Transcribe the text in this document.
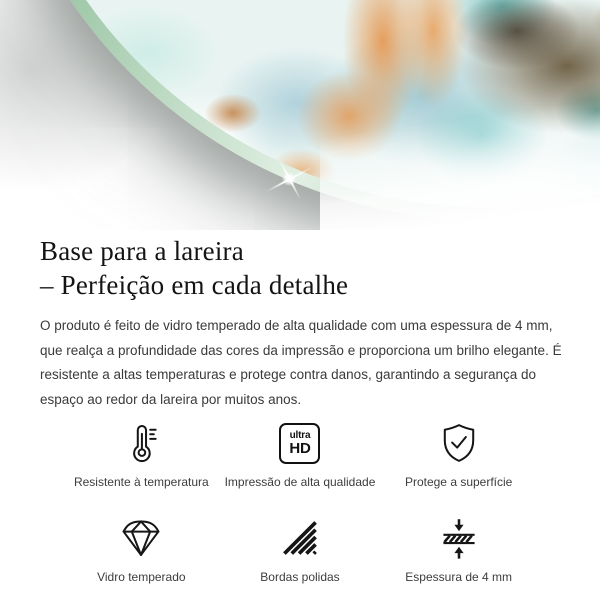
Base para a lareira
– Perfeição em cada detalhe

O produto é feito de vidro temperado de alta qualidade com uma espessura de 4 mm, que realça a profundidade das cores da impressão e proporciona um brilho elegante. É resistente a altas temperaturas e protege contra danos, garantindo a segurança do espaço ao redor da lareira por muitos anos.

Resistente à temperatura
ultra
HD
Impressão de alta qualidade Protege a superfície
Vidro temperado	Bordas polidas	Espessura de 4 mm
